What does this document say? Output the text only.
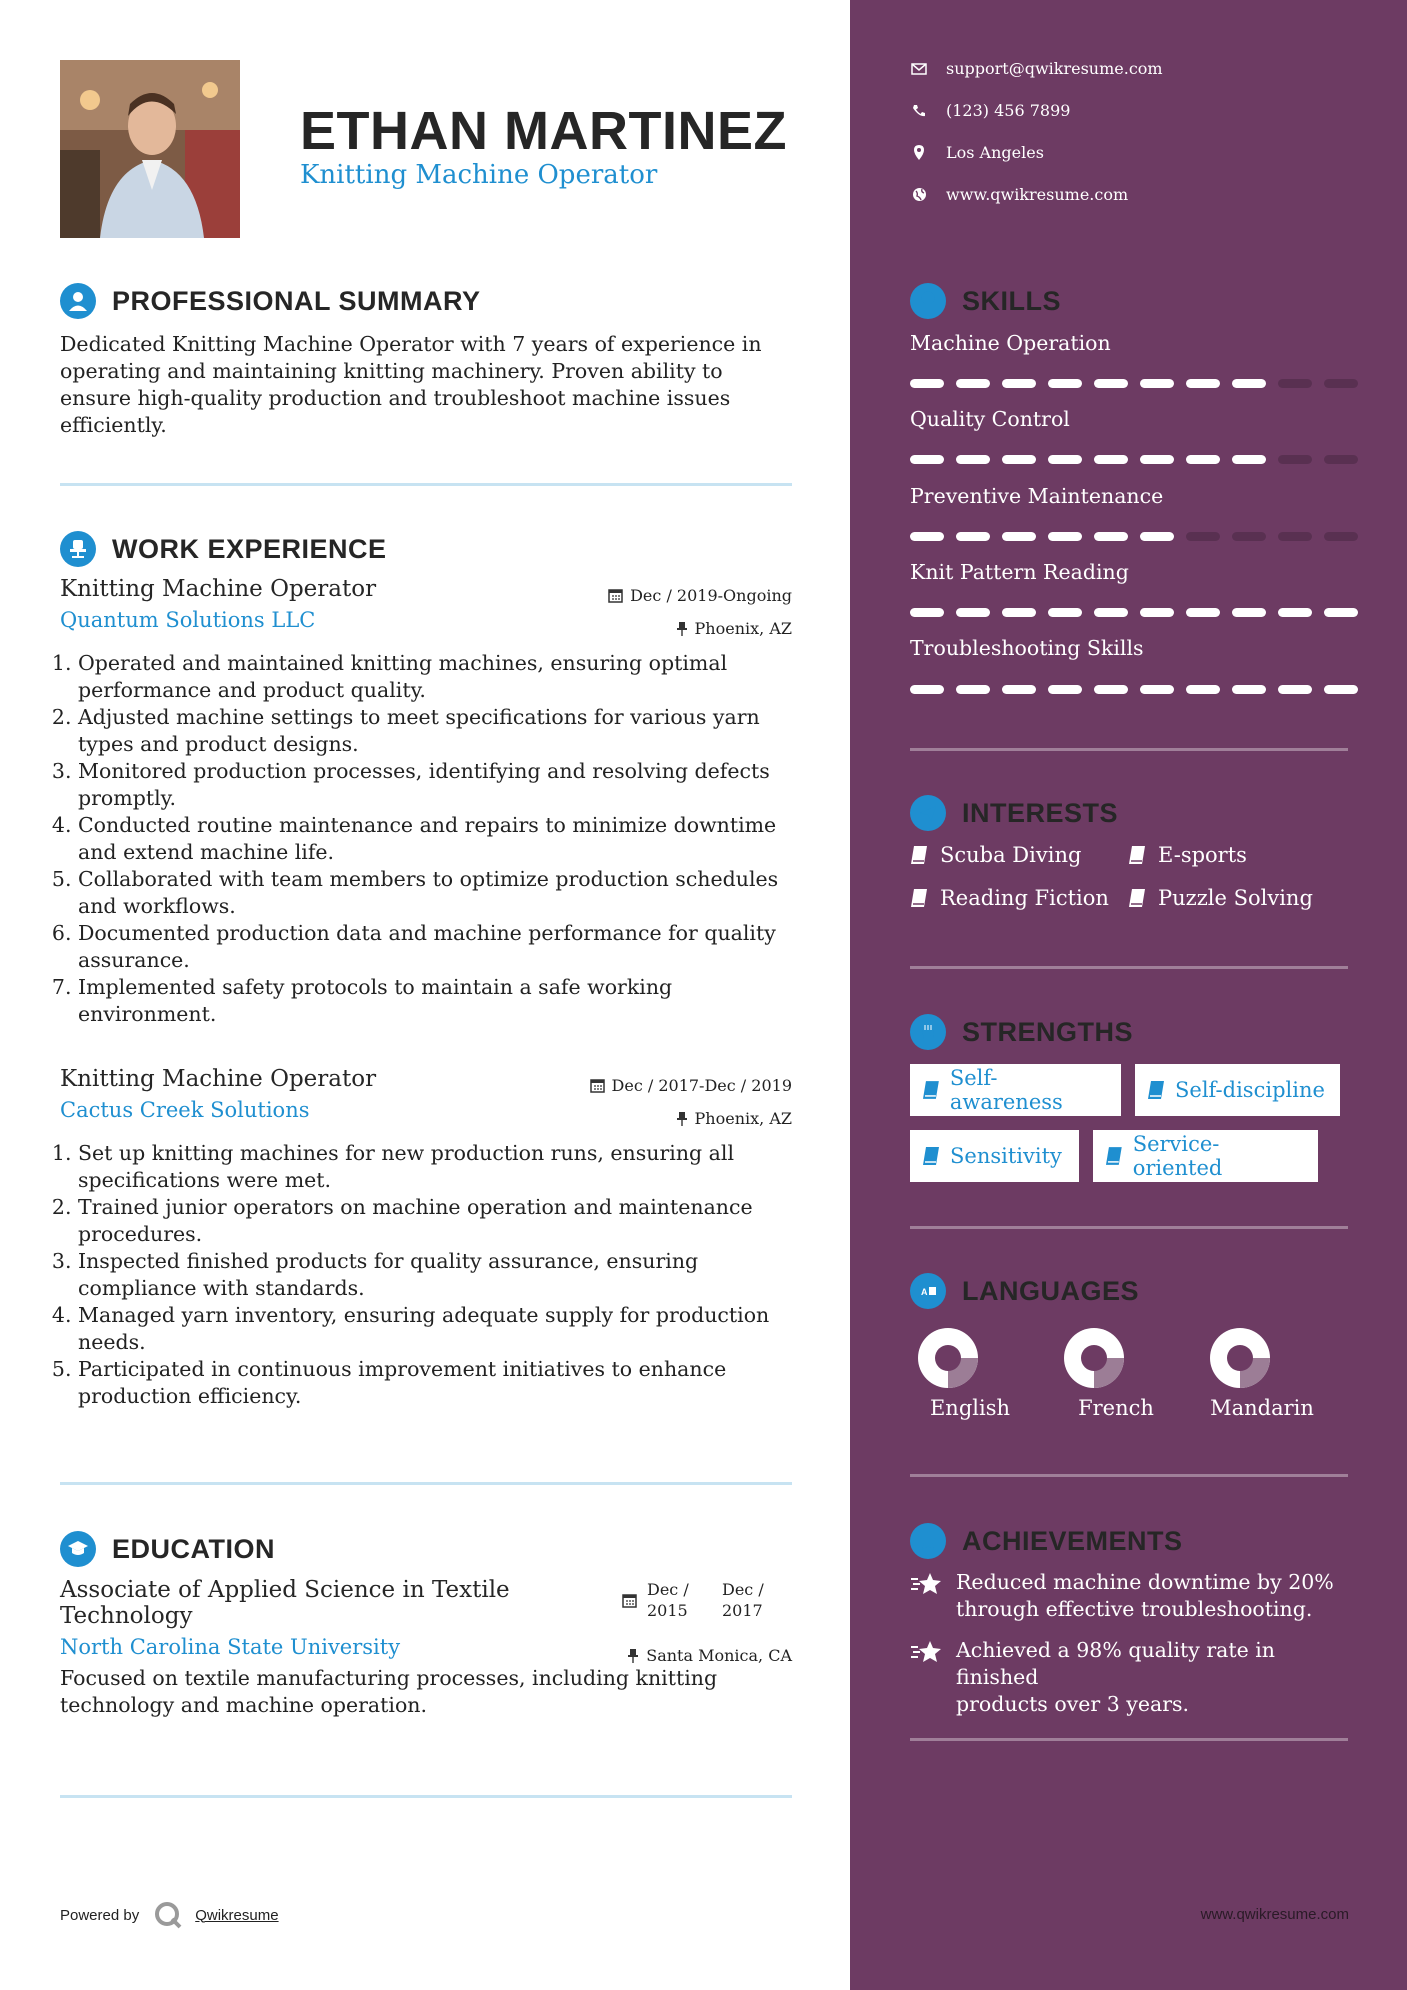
ETHAN MARTINEZ
Knitting Machine Operator
PROFESSIONAL SUMMARY
Dedicated Knitting Machine Operator with 7 years of experience in
operating and maintaining knitting machinery. Proven ability to
ensure high-quality production and troubleshoot machine issues
efficiently.
WORK EXPERIENCE
Knitting Machine Operator
Quantum Solutions LLC
Dec / 2019-Ongoing
Phoenix, AZ
1. Operated and maintained knitting machines, ensuring optimal performance and product quality.
2. Adjusted machine settings to meet specifications for various yarn types and product designs.
3. Monitored production processes, identifying and resolving defects promptly.
4. Conducted routine maintenance and repairs to minimize downtime and extend machine life.
5. Collaborated with team members to optimize production schedules and workflows.
6. Documented production data and machine performance for quality assurance.
7. Implemented safety protocols to maintain a safe working environment.
Knitting Machine Operator
Cactus Creek Solutions
Dec / 2017-Dec / 2019
Phoenix, AZ
1. Set up knitting machines for new production runs, ensuring all specifications were met.
2. Trained junior operators on machine operation and maintenance procedures.
3. Inspected finished products for quality assurance, ensuring compliance with standards.
4. Managed yarn inventory, ensuring adequate supply for production needs.
5. Participated in continuous improvement initiatives to enhance production efficiency.
EDUCATION
Associate of Applied Science in Textile
Technology
North Carolina State University
Focused on textile manufacturing processes, including knitting
technology and machine operation.
Dec /
2015
Dec /
2017
Santa Monica, CA
Powered by	Qwikresume	www.qwikresume.com
support@qwikresume.com
(123) 456 7899
Los Angeles
www.qwikresume.com
SKILLS
Machine Operation
Quality Control
Preventive Maintenance
Knit Pattern Reading
Troubleshooting Skills
INTERESTS
Scuba Diving	E-sports
Reading Fiction Puzzle Solving
STRENGTHS
Self-awareness	Self-discipline
Sensitivity	Service-oriented
A LANGUAGES
English	French	Mandarin
ACHIEVEMENTS
Reduced machine downtime by 20%
through effective troubleshooting.
Achieved a 98% quality rate in finished
products over 3 years.
